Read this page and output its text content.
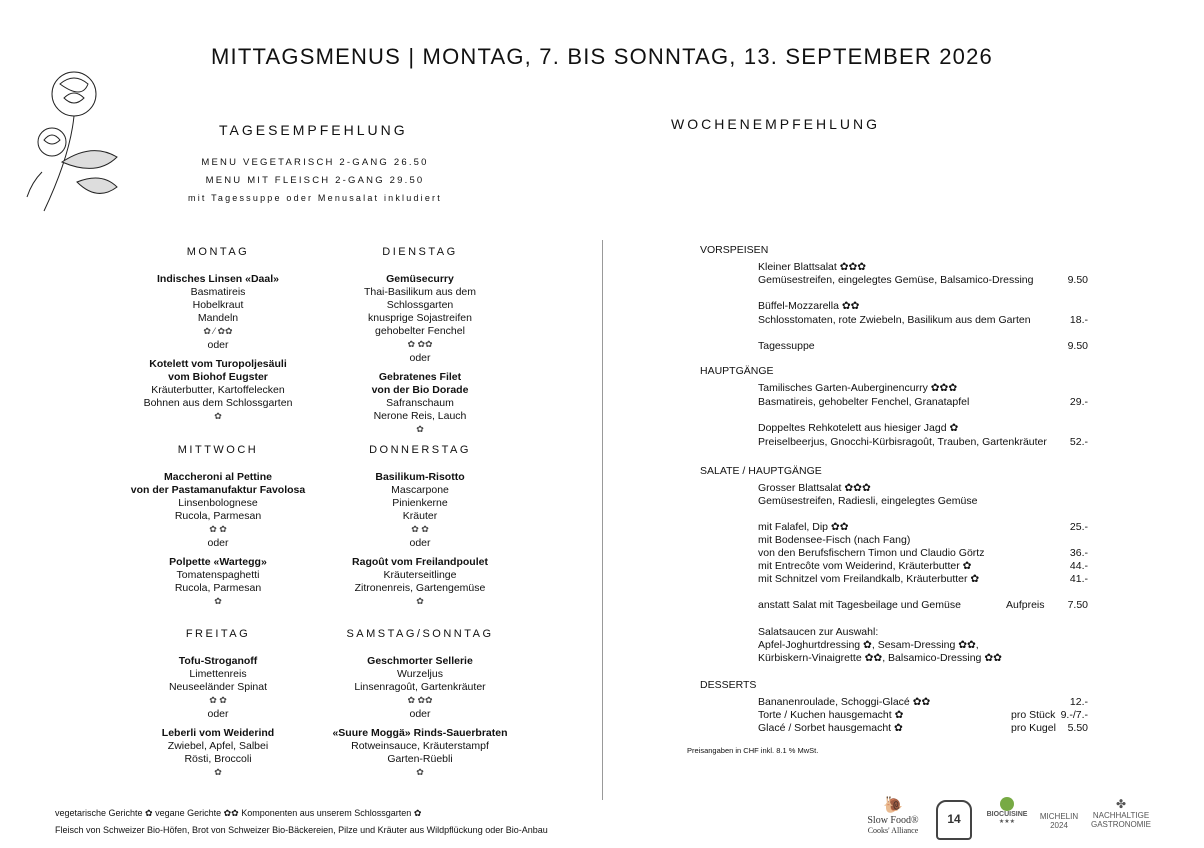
MITTAGSMENUS | MONTAG, 7. BIS SONNTAG, 13. SEPTEMBER 2026
TAGESEMPFEHLUNG	WOCHENEMPFEHLUNG
MENU VEGETARISCH 2-GANG 26.50
MENU MIT FLEISCH 2-GANG 29.50
mit Tagessuppe oder Menusalat inkludiert
MONTAG
Indisches Linsen «Daal»
Basmatireis
Hobelkraut
Mandeln
✿ ⁄ ✿✿
oder
Kotelett vom Turopoljesäuli
vom Biohof Eugster
Kräuterbutter, Kartoffelecken
Bohnen aus dem Schlossgarten
✿
DIENSTAG
Gemüsecurry
Thai-Basilikum aus dem Schlossgarten
knusprige Sojastreifen
gehobelter Fenchel
✿ ✿✿
oder
Gebratenes Filet
von der Bio Dorade
Safranschaum
Nerone Reis, Lauch
✿
MITTWOCH
Maccheroni al Pettine
von der Pastamanufaktur Favolosa
Linsenbolognese
Rucola, Parmesan
✿ ✿
oder
Polpette «Wartegg»
Tomatenspaghetti
Rucola, Parmesan
✿
DONNERSTAG
Basilikum-Risotto
Mascarpone
Pinienkerne
Kräuter
✿ ✿
oder
Ragoût vom Freilandpoulet
Kräuterseitlinge
Zitronenreis, Gartengemüse
✿
FREITAG
Tofu-Stroganoff
Limettenreis
Neuseeländer Spinat
✿ ✿
oder
Leberli vom Weiderind
Zwiebel, Apfel, Salbei
Rösti, Broccoli
✿
SAMSTAG/SONNTAG
Geschmorter Sellerie
Wurzeljus
Linsenragoût, Gartenkräuter
✿ ✿✿
oder
«Suure Moggä» Rinds-Sauerbraten
Rotweinsauce, Kräuterstampf
Garten-Rüebli
✿
VORSPEISEN
Kleiner Blattsalat ✿✿✿
Gemüsestreifen, eingelegtes Gemüse, Balsamico-Dressing	9.50
Büffel-Mozzarella ✿✿
Schlosstomaten, rote Zwiebeln, Basilikum aus dem Garten	18.-
Tagessuppe	9.50
HAUPTGÄNGE
Tamilisches Garten-Auberginencurry ✿✿✿
Basmatireis, gehobelter Fenchel, Granatapfel	29.-
Doppeltes Rehkotelett aus hiesiger Jagd ✿
Preiselbeerjus, Gnocchi-Kürbisragoût, Trauben, Gartenkräuter	52.-
SALATE / HAUPTGÄNGE
Grosser Blattsalat ✿✿✿
Gemüsestreifen, Radiesli, eingelegtes Gemüse
mit Falafel, Dip ✿✿	25.-
mit Bodensee-Fisch (nach Fang)
von den Berufsfischern Timon und Claudio Görtz	36.-
mit Entrecôte vom Weiderind, Kräuterbutter ✿	44.-
mit Schnitzel vom Freilandkalb, Kräuterbutter ✿	41.-
anstatt Salat mit Tagesbeilage und Gemüse	Aufpreis	7.50
Salatsaucen zur Auswahl:
Apfel-Joghurtdressing ✿, Sesam-Dressing ✿✿,
Kürbiskern-Vinaigrette ✿✿, Balsamico-Dressing ✿✿
DESSERTS
Bananenroulade, Schoggi-Glacé ✿✿	12.-
Torte / Kuchen hausgemacht ✿	pro Stück 9.-/7.-
Glacé / Sorbet hausgemacht ✿	pro Kugel	5.50
Preisangaben in CHF inkl. 8.1 % MwSt.
vegetarische Gerichte ✿ vegane Gerichte ✿✿ Komponenten aus unserem Schlossgarten ✿
Fleisch von Schweizer Bio-Höfen, Brot von Schweizer Bio-Bäckereien, Pilze und Kräuter aus Wildpflückung oder Bio-Anbau
🐌
Slow Food®
Cooks' Alliance
14	BIOCUISINE
★★★
MICHELIN
2024
✤
NACHHALTIGE
GASTRONOMIE
